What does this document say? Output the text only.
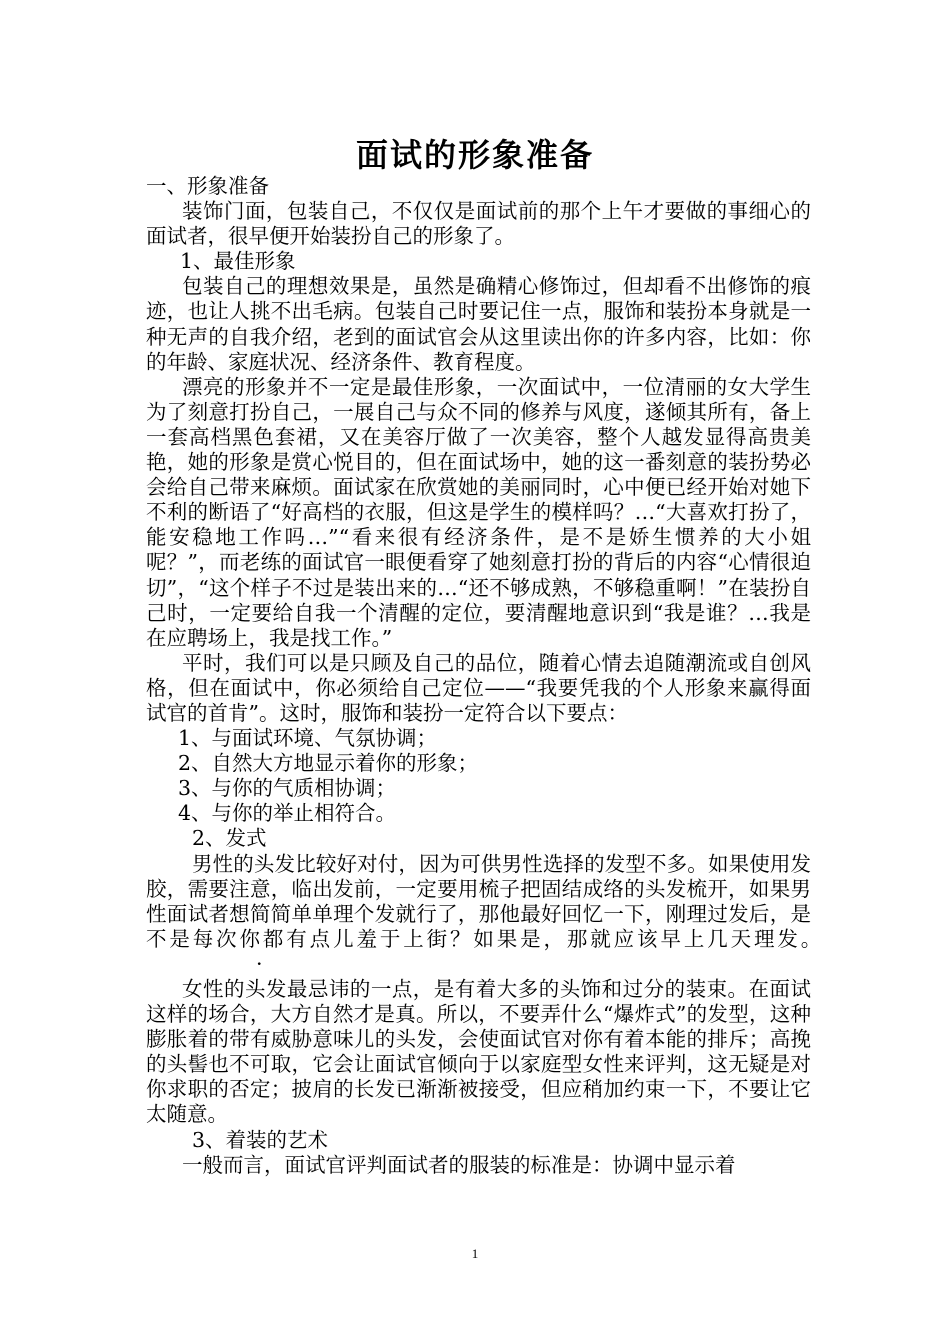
面试的形象准备

一、形象准备

装饰门面，包装自己，不仅仅是面试前的那个上午才要做的事细心的面试者，很早便开始装扮自己的形象了。

1、最佳形象

包装自己的理想效果是，虽然是确精心修饰过，但却看不出修饰的痕迹，也让人挑不出毛病。包装自己时要记住一点，服饰和装扮本身就是一种无声的自我介绍，老到的面试官会从这里读出你的许多内容，比如：你的年龄、家庭状况、经济条件、教育程度。

漂亮的形象并不一定是最佳形象，一次面试中，一位清丽的女大学生为了刻意打扮自己，一展自己与众不同的修养与风度，遂倾其所有，备上一套高档黑色套裙，又在美容厅做了一次美容，整个人越发显得高贵美艳，她的形象是赏心悦目的，但在面试场中，她的这一番刻意的装扮势必会给自己带来麻烦。面试家在欣赏她的美丽同时，心中便已经开始对她下不利的断语了“好高档的衣服，但这是学生的模样吗？…“大喜欢打扮了，能安稳地工作吗…”“看来很有经济条件，是不是娇生惯养的大小姐呢？”，而老练的面试官一眼便看穿了她刻意打扮的背后的内容“心情很迫切”，“这个样子不过是装出来的…“还不够成熟，不够稳重啊！”在装扮自己时，一定要给自我一个清醒的定位，要清醒地意识到“我是谁？…我是在应聘场上，我是找工作。”

平时，我们可以是只顾及自己的品位，随着心情去追随潮流或自创风格，但在面试中，你必须给自己定位——“我要凭我的个人形象来赢得面试官的首肯”。这时，服饰和装扮一定符合以下要点：

1、与面试环境、气氛协调；

2、自然大方地显示着你的形象；

3、与你的气质相协调；

4、与你的举止相符合。

2、发式

男性的头发比较好对付，因为可供男性选择的发型不多。如果使用发胶，需要注意，临出发前，一定要用梳子把固结成络的头发梳开，如果男性面试者想简简单单理个发就行了，那他最好回忆一下，刚理过发后，是不是每次你都有点儿羞于上街？如果是，那就应该早上几天理发。·

女性的头发最忌讳的一点，是有着大多的头饰和过分的装束。在面试这样的场合，大方自然才是真。所以，不要弄什么“爆炸式”的发型，这种膨胀着的带有威胁意味儿的头发，会使面试官对你有着本能的排斥；高挽的头髻也不可取，它会让面试官倾向于以家庭型女性来评判，这无疑是对你求职的否定；披肩的长发已渐渐被接受，但应稍加约束一下，不要让它太随意。

3、着装的艺术

一般而言，面试官评判面试者的服装的标准是：协调中显示着

1
